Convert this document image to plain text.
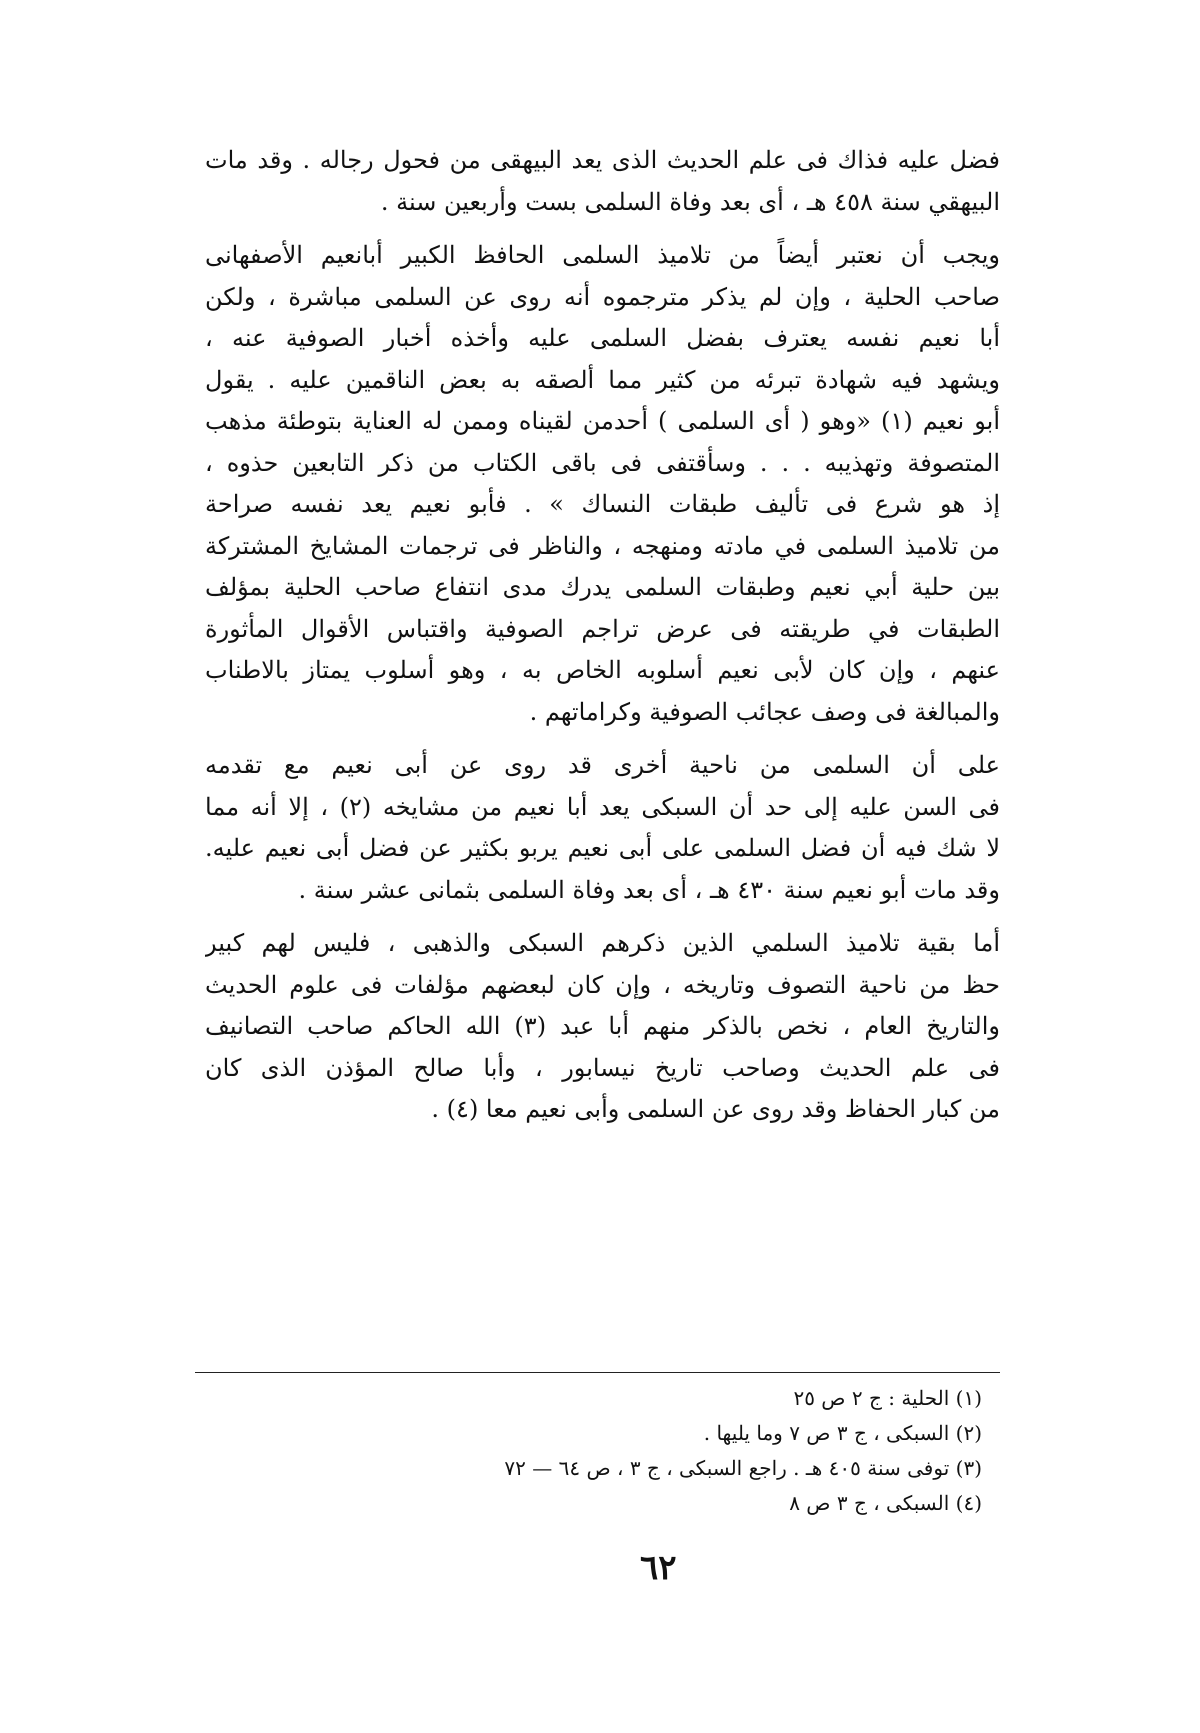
فضل عليه فذاك فى علم الحديث الذى يعد البيهقى من فحول رجاله . وقد مات
البيهقي سنة ٤٥٨ هـ ، أى بعد وفاة السلمى بست وأربعين سنة .
ويجب أن نعتبر أيضاً من تلاميذ السلمى الحافظ الكبير أبانعيم الأصفهانى
صاحب الحلية ، وإن لم يذكر مترجموه أنه روى عن السلمى مباشرة ، ولكن
أبا نعيم نفسه يعترف بفضل السلمى عليه وأخذه أخبار الصوفية عنه ،
ويشهد فيه شهادة تبرئه من كثير مما ألصقه به بعض الناقمين عليه . يقول
أبو نعيم (١) «وهو ( أى السلمى ) أحدمن لقيناه وممن له العناية بتوطئة مذهب
المتصوفة وتهذيبه . . . وسأقتفى فى باقى الكتاب من ذكر التابعين حذوه ،
إذ هو شرع فى تأليف طبقات النساك » . فأبو نعيم يعد نفسه صراحة
من تلاميذ السلمى في مادته ومنهجه ، والناظر فى ترجمات المشايخ المشتركة
بين حلية أبي نعيم وطبقات السلمى يدرك مدى انتفاع صاحب الحلية بمؤلف
الطبقات في طريقته فى عرض تراجم الصوفية واقتباس الأقوال المأثورة
عنهم ، وإن كان لأبى نعيم أسلوبه الخاص به ، وهو أسلوب يمتاز بالاطناب
والمبالغة فى وصف عجائب الصوفية وكراماتهم .
على أن السلمى من ناحية أخرى قد روى عن أبى نعيم مع تقدمه
فى السن عليه إلى حد أن السبكى يعد أبا نعيم من مشايخه (٢) ، إلا أنه مما
لا شك فيه أن فضل السلمى على أبى نعيم يربو بكثير عن فضل أبى نعيم عليه.
وقد مات أبو نعيم سنة ٤٣٠ هـ ، أى بعد وفاة السلمى بثمانى عشر سنة .
أما بقية تلاميذ السلمي الذين ذكرهم السبكى والذهبى ، فليس لهم كبير
حظ من ناحية التصوف وتاريخه ، وإن كان لبعضهم مؤلفات فى علوم الحديث
والتاريخ العام ، نخص بالذكر منهم أبا عبد (٣) الله الحاكم صاحب التصانيف
فى علم الحديث وصاحب تاريخ نيسابور ، وأبا صالح المؤذن الذى كان
من كبار الحفاظ وقد روى عن السلمى وأبى نعيم معا (٤) .
(١) الحلية : ج ٢ ص ٢٥
(٢) السبكى ، ج ٣ ص ٧ وما يليها .
(٣) توفى سنة ٤٠٥ هـ . راجع السبكى ، ج ٣ ، ص ٦٤ — ٧٢
(٤) السبكى ، ج ٣ ص ٨
٦٢
